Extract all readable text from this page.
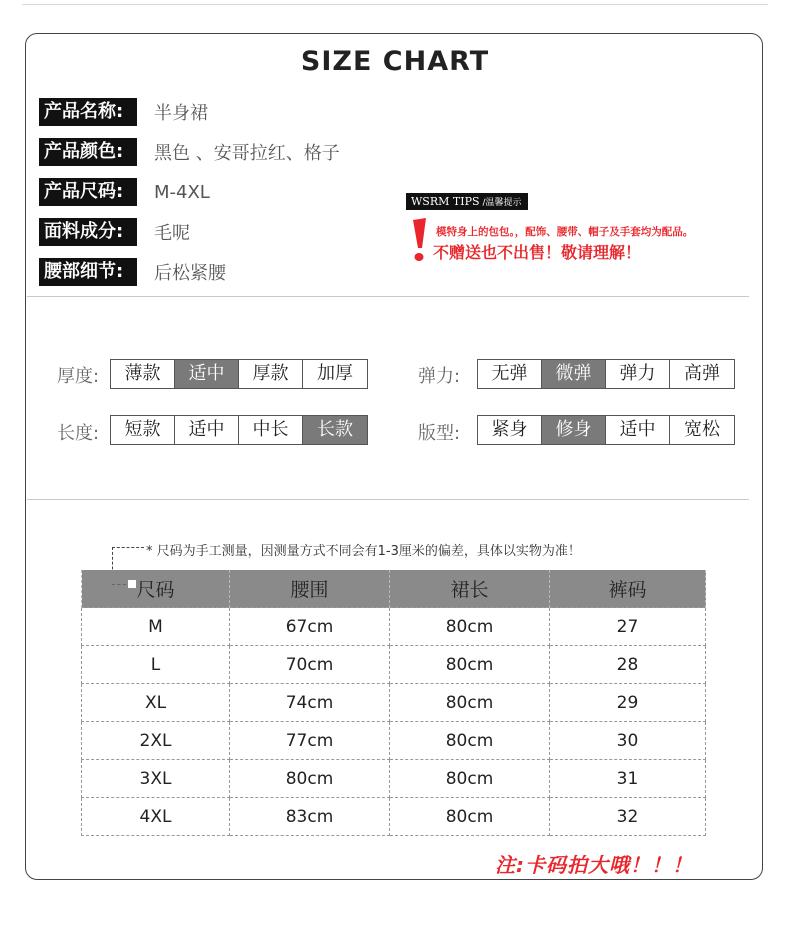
SIZE CHART
产品名称:	半身裙
产品颜色:	黑色 、安哥拉红、格子
产品尺码:	M-4XL
面料成分:	毛呢
腰部细节:	后松紧腰
WSRM TIPS /温馨提示
模特身上的包包。，配饰、腰带、帽子及手套均为配品。
不赠送也不出售！敬请理解！
厚度:	薄款	适中	厚款	加厚	弹力:	无弹	微弹	弹力	高弹
长度:	短款	适中	中长	长款	版型:	紧身	修身	适中	宽松
* 尺码为手工测量，因测量方式不同会有1-3厘米的偏差，具体以实物为准！
尺码	腰围	裙长	裤码
M	67cm	80cm	27
L	70cm	80cm	28
XL	74cm	80cm	29
2XL	77cm	80cm	30
3XL	80cm	80cm	31
4XL	83cm	80cm	32
注:卡码拍大哦！！！
